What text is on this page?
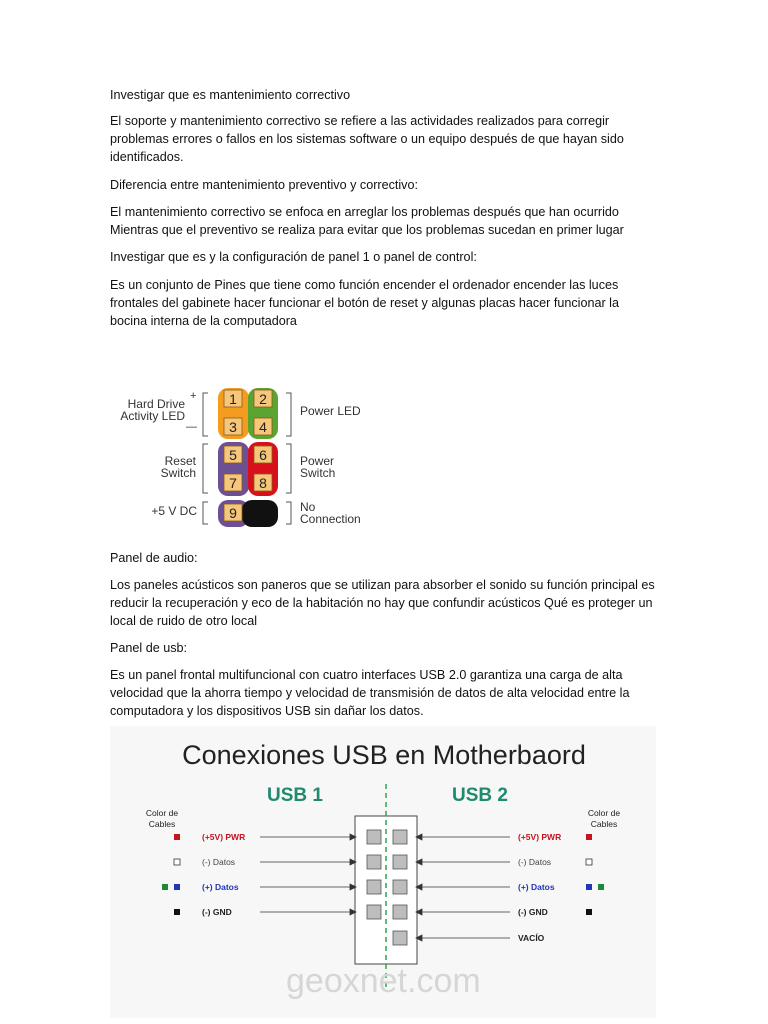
Investigar que es mantenimiento correctivo

El soporte y mantenimiento correctivo se refiere a las actividades realizados para corregir problemas errores o fallos en los sistemas software o un equipo después de que hayan sido identificados.

Diferencia entre mantenimiento preventivo y correctivo:

El mantenimiento correctivo se enfoca en arreglar los problemas después que han ocurrido Mientras que el preventivo se realiza para evitar que los problemas sucedan en primer lugar

Investigar que es y la configuración de panel 1 o panel de control:

Es un conjunto de Pines que tiene como función encender el ordenador encender las luces frontales del gabinete hacer funcionar el botón de reset y algunas placas hacer funcionar la bocina interna de la computadora

Hard Drive
Activity LED
+
—
Reset
Switch
+5 V DC
1 2
3 4
5 6
7 8
9
Power LED
Power
Switch
No
Connection

Panel de audio:

Los paneles acústicos son paneros que se utilizan para absorber el sonido su función principal es reducir la recuperación y eco de la habitación no hay que confundir acústicos Qué es proteger un local de ruido de otro local

Panel de usb:

Es un panel frontal multifuncional con cuatro interfaces USB 2.0 garantiza una carga de alta velocidad que la ahorra tiempo y velocidad de transmisión de datos de alta velocidad entre la computadora y los dispositivos USB sin dañar los datos.

Conexiones USB en Motherbaord
USB 1	USB 2
Color de
Cables
Color de
Cables
(+5V) PWR
(-) Datos
(+) Datos
(-) GND
(+5V) PWR
(-) Datos
(+) Datos
(-) GND
VACÍO
geoxnet.com
